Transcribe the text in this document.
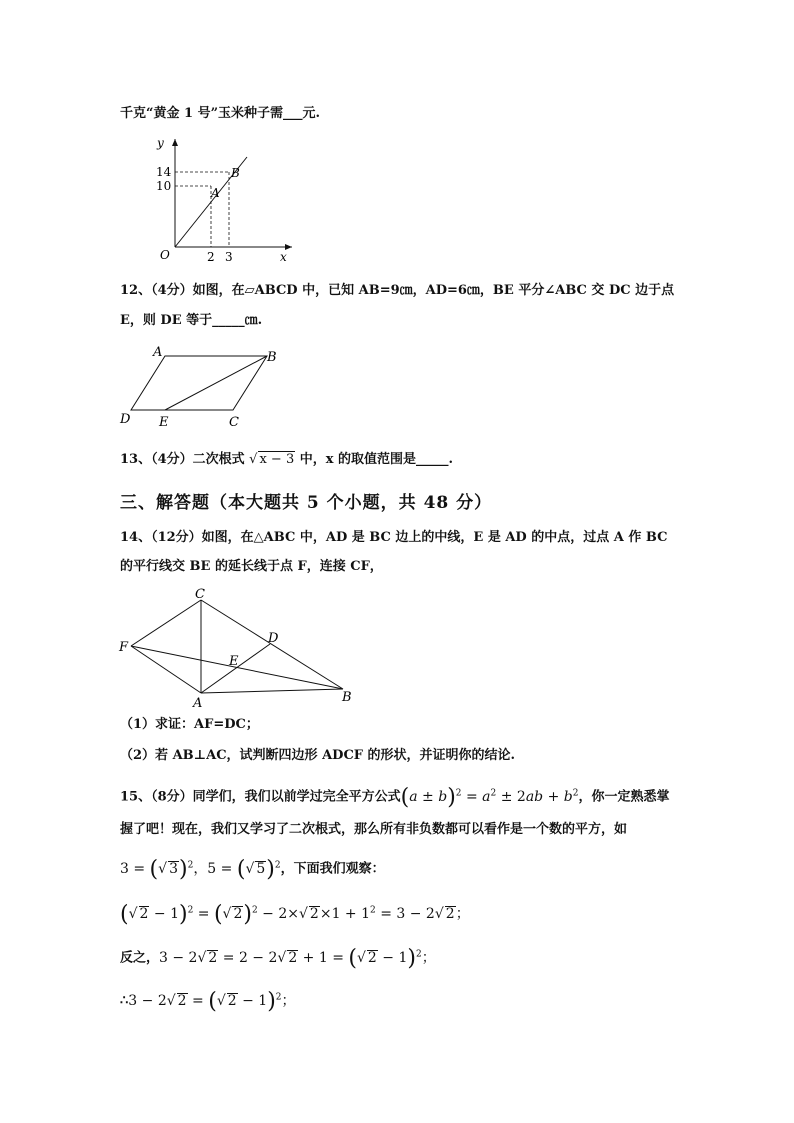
千克“黄金 1 号”玉米种子需___元.
y
x
O
14
10
2 3
A
B
12、（4分）如图，在▱ABCD 中，已知 AB=9㎝，AD=6㎝，BE 平分∠ABC 交 DC 边于点
E，则 DE 等于_____㎝.
A	B
D E	C
13、（4分）二次根式 √ x − 3 中，x 的取值范围是_____.
三、解答题（本大题共 5 个小题，共 48 分）
14、（12分）如图，在△ABC 中，AD 是 BC 边上的中线，E 是 AD 的中点，过点 A 作 BC
的平行线交 BE 的延长线于点 F，连接 CF，
C
D
F
E
A	B
（1）求证：AF=DC；
（2）若 AB⊥AC，试判断四边形 ADCF 的形状，并证明你的结论.
15、（8分）同学们，我们以前学过完全平方公式$(a \pm b)^2 = a^2 \pm 2ab + b^2$，你一定熟悉掌
握了吧！现在，我们又学习了二次根式，那么所有非负数都可以看作是一个数的平方，如
3 = (√ 3)$^2$，5 = (√ 5)$^2$，下面我们观察：
(√ 2 − 1)$^2$ = (√ 2)$^2$ − 2×√ $2\times 1 + 1^2 = 3 - 2√$ 2；
反之，3 − 2√ 2 = 2 − 2√ 2 + 1 = (√ 2 − 1)$^2$；
∴3 − 2√ 2 = (√ 2 − 1)$^2$；
